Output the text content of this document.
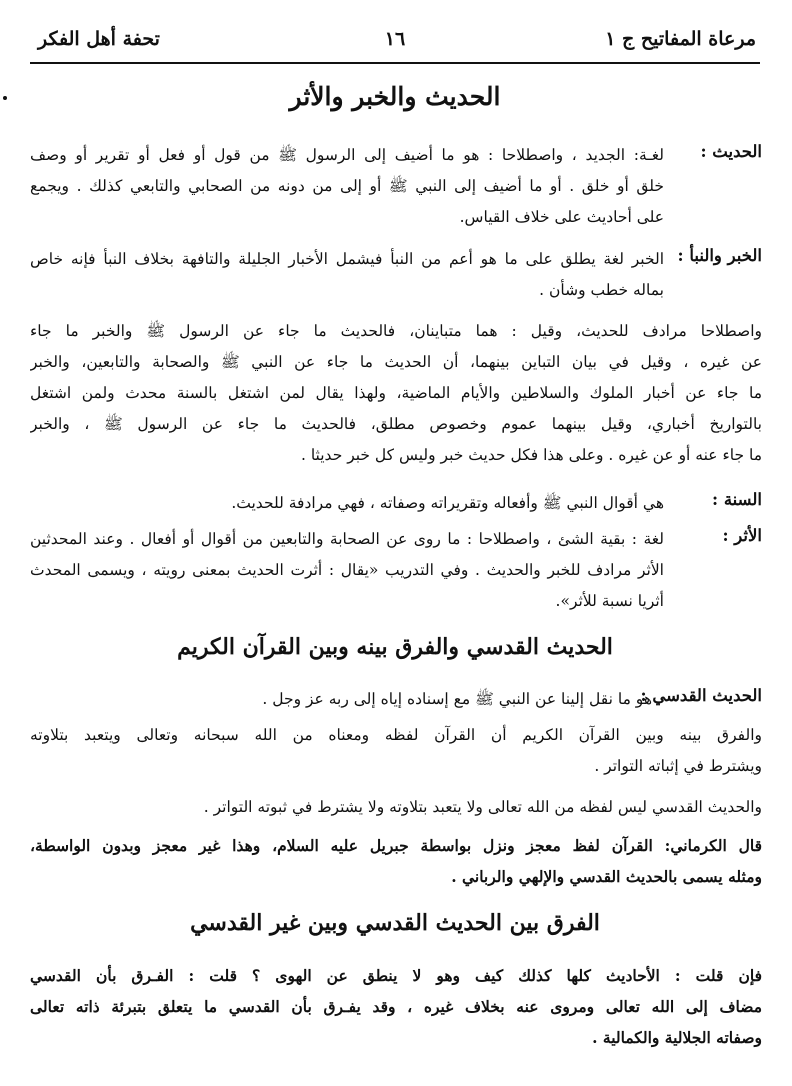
مرعاة المفاتيح ج ١
١٦
تحفة أهل الفكر
الحديث والخبر والأثر
الحديث :
لغـة: الجديد ، واصطلاحا : هو ما أضيف إلى الرسول ﷺ من قول أو فعل أو تقرير أو وصف
خلق أو خلق . أو ما أضيف إلى النبي ﷺ أو إلى من دونه من الصحابي والتابعي كذلك . ويجمع
على أحاديث على خلاف القياس.
الخبر والنبأ :
الخبر لغة يطلق على ما هو أعم من النبأ فيشمل الأخبار الجليلة والتافهة بخلاف النبأ فإنه خاص
بماله خطب وشأن .
واصطلاحا مرادف للحديث، وقيل : هما متباينان، فالحديث ما جاء عن الرسول ﷺ والخبر ما جاء
عن غيره ، وقيل في بيان التباين بينهما، أن الحديث ما جاء عن النبي ﷺ والصحابة والتابعين، والخبر
ما جاء عن أخبار الملوك والسلاطين والأيام الماضية، ولهذا يقال لمن اشتغل بالسنة محدث ولمن اشتغل
بالتواريخ أخباري، وقيل بينهما عموم وخصوص مطلق، فالحديث ما جاء عن الرسول ﷺ ، والخبر
ما جاء عنه أو عن غيره . وعلى هذا فكل حديث خبر وليس كل خبر حديثا .
السنة :
هي أقوال النبي ﷺ وأفعاله وتقريراته وصفاته ، فهي مرادفة للحديث.
الأثر :
لغة : بقية الشئ ، واصطلاحا : ما روى عن الصحابة والتابعين من أقوال أو أفعال . وعند المحدثين
الأثر مرادف للخبر والحديث . وفي التدريب «يقال : أثرت الحديث بمعنى رويته ، ويسمى المحدث
أثريا نسبة للأثر».
الحديث القدسي والفرق بينه وبين القرآن الكريم
الحديث القدسي :
هو ما نقل إلينا عن النبي ﷺ مع إسناده إياه إلى ربه عز وجل .
والفرق بينه وبين القرآن الكريم أن القرآن لفظه ومعناه من الله سبحانه وتعالى ويتعبد بتلاوته
ويشترط في إثباته التواتر .
والحديث القدسي ليس لفظه من الله تعالى ولا يتعبد بتلاوته ولا يشترط في ثبوته التواتر .
قال الكرماني: القرآن لفظ معجز ونزل بواسطة جبريل عليه السلام، وهذا غير معجز وبدون الواسطة،
ومثله يسمى بالحديث القدسي والإلهي والرباني .
الفرق بين الحديث القدسي وبين غير القدسي
فإن قلت : الأحاديث كلها كذلك كيف وهو لا ينطق عن الهوى ؟ قلت : الفـرق بأن القدسي
مضاف إلى الله تعالى ومروى عنه بخلاف غيره ، وقد يفـرق بأن القدسي ما يتعلق بتبرئة ذاته تعالى
وصفاته الجلالية والكمالية .
